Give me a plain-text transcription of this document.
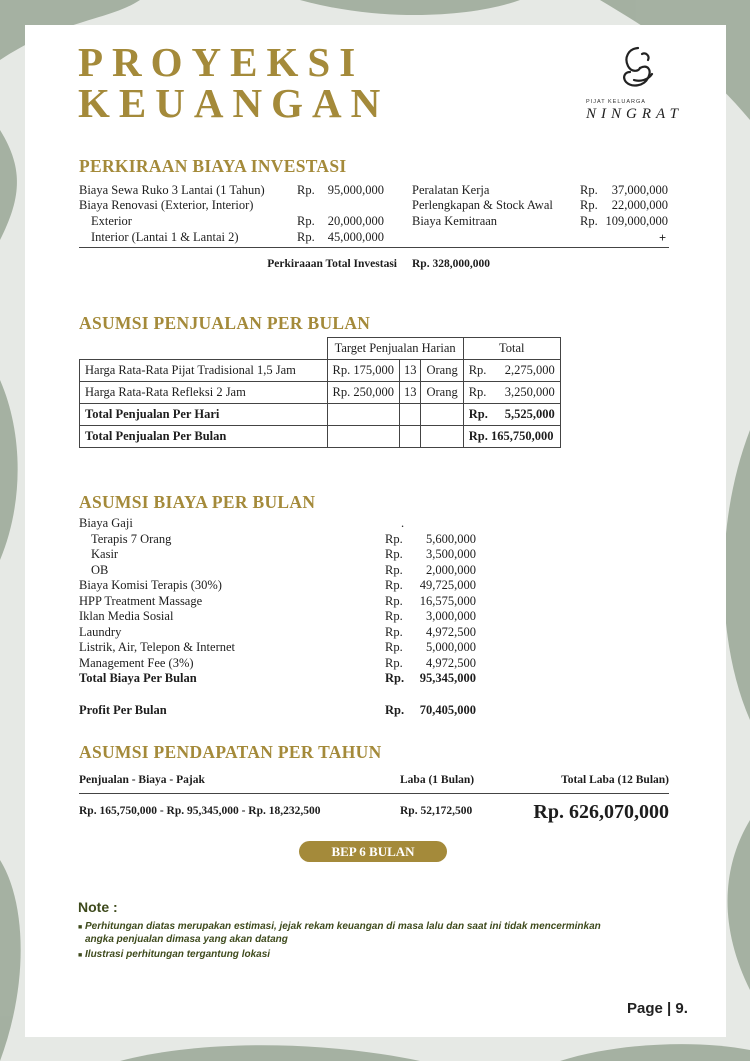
PROYEKSI
KEUANGAN	PIJAT KELUARGA
NINGRAT
PERKIRAAN BIAYA INVESTASI
Biaya Sewa Ruko 3 Lantai (1 Tahun)	Rp.	95,000,000
Biaya Renovasi (Exterior, Interior)
Exterior	Rp.	20,000,000
Interior (Lantai 1 & Lantai 2)	Rp.	45,000,000
Peralatan Kerja	Rp.	37,000,000
Perlengkapan & Stock Awal Rp.	22,000,000
Biaya Kemitraan	Rp. 109,000,000
+
Perkiraaan Total Investasi Rp. 328,000,000
ASUMSI PENJUALAN PER BULAN
	Target Penjualan Harian			Total
Harga Rata-Rata Pijat Tradisional 1,5 Jam	Rp. 175,000	13	Orang	Rp. 2,275,000

Harga Rata-Rata Refleksi 2 Jam	Rp. 250,000	13	Orang	Rp. 3,250,000

Total Penjualan Per Hari				Rp. 5,525,000

Total Penjualan Per Bulan				Rp. 165,750,000
ASUMSI BIAYA PER BULAN
.
Biaya Gaji
Terapis 7 Orang	Rp.	5,600,000
Kasir	Rp.	3,500,000
OB	Rp.	2,000,000
Biaya Komisi Terapis (30%)	Rp.	49,725,000
HPP Treatment Massage	Rp.	16,575,000
Iklan Media Sosial	Rp.	3,000,000
Laundry	Rp.	4,972,500
Listrik, Air, Telepon & Internet	Rp.	5,000,000
Management Fee (3%)	Rp.	4,972,500
Total Biaya Per Bulan	Rp.	95,345,000
Profit Per Bulan	Rp.	70,405,000
ASUMSI PENDAPATAN PER TAHUN
Penjualan - Biaya - Pajak	Laba (1 Bulan)	Total Laba (12 Bulan)
Rp. 165,750,000 - Rp. 95,345,000 - Rp. 18,232,500	Rp. 52,172,500	Rp. 626,070,000
BEP 6 BULAN
Note :
■ Perhitungan diatas merupakan estimasi, jejak rekam keuangan di masa lalu dan saat ini tidak mencerminkan
angka penjualan dimasa yang akan datang
■ Ilustrasi perhitungan tergantung lokasi
Page | 9.
